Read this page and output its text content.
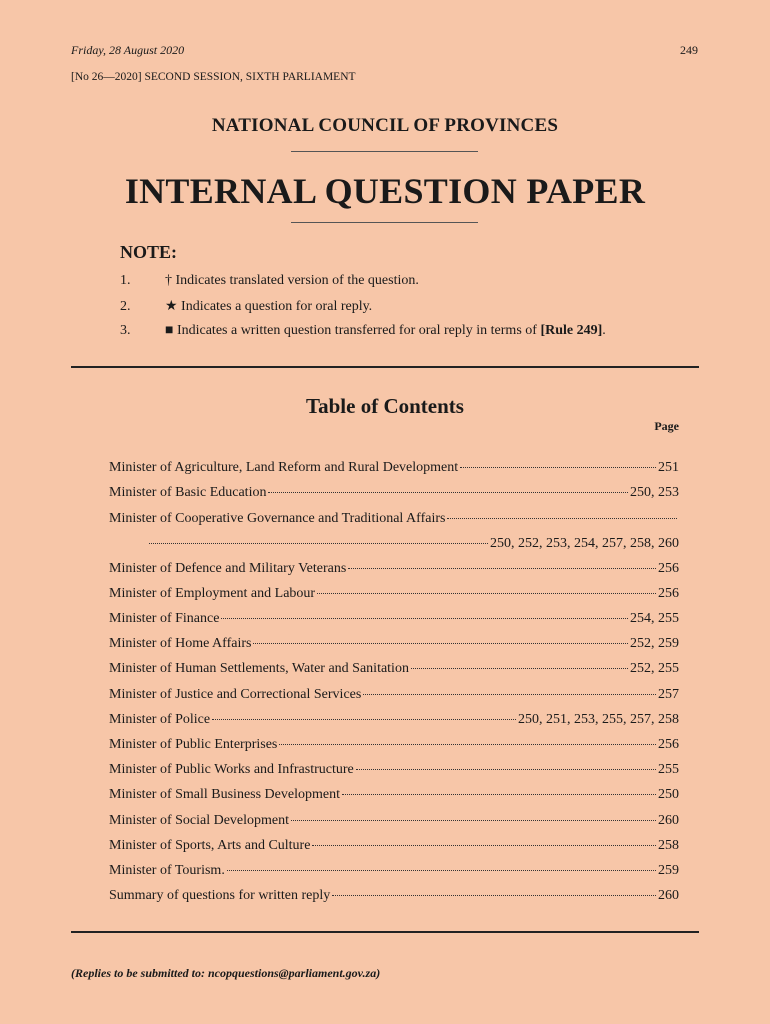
Friday, 28 August 2020	249
[No 26—2020] SECOND SESSION, SIXTH PARLIAMENT
NATIONAL COUNCIL OF PROVINCES
INTERNAL QUESTION PAPER
NOTE:
1. † Indicates translated version of the question.
2. ★ Indicates a question for oral reply.
3. ■ Indicates a written question transferred for oral reply in terms of [Rule 249].
Table of Contents
Page
Minister of Agriculture, Land Reform and Rural Development	251
Minister of Basic Education	250, 253
Minister of Cooperative Governance and Traditional Affairs
250, 252, 253, 254, 257, 258, 260
Minister of Defence and Military Veterans	256
Minister of Employment and Labour	256
Minister of Finance	254, 255
Minister of Home Affairs	252, 259
Minister of Human Settlements, Water and Sanitation	252, 255
Minister of Justice and Correctional Services	257
Minister of Police	250, 251, 253, 255, 257, 258
Minister of Public Enterprises	256
Minister of Public Works and Infrastructure	255
Minister of Small Business Development	250
Minister of Social Development	260
Minister of Sports, Arts and Culture	258
Minister of Tourism.	259
Summary of questions for written reply	260
(Replies to be submitted to: ncopquestions@parliament.gov.za)
